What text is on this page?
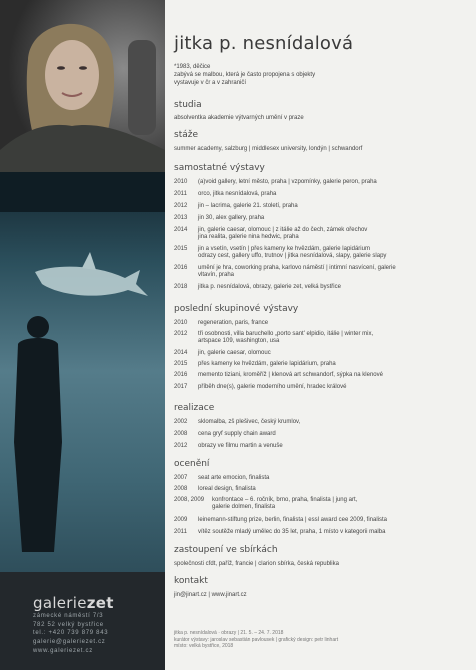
galeriezet
zámecké náměstí 7/3
782 52 velký bystřice
tel.: +420 739 879 843
galerie@galeriezet.cz
www.galeriezet.cz
jitka p. nesnídalová
*1983, děčice
zabývá se malbou, která je často propojena s objekty
vystavuje v čr a v zahraničí
studia
absolventka akademie výtvarných umění v praze
stáže
summer academy, salzburg | middlesex university, londýn | schwandorf
samostatné výstavy
2010	(a)void gallery, letní město, praha | vzpomínky, galerie peron, praha
2011	orco, jitka nesnídalová, praha
2012	jin – lacrima, galerie 21. století, praha
2013	jin 30, alex gallery, praha
2014	jin, galerie caesar, olomouc | z itálie až do čech, zámek ořechov
jina realita, galerie nina hedwic, praha
2015	jin a vsetín, vsetín | přes kameny ke hvězdám, galerie lapidárium
odrazy cest, gallery uffo, trutnov | jitka nesnídalová, slapy, galerie slapy
2016	umění je hra, coworking praha, karlovo náměstí | intimní nasvícení, galerie
vltavín, praha
2018	jitka p. nesnídalová, obrazy, galerie zet, velká bystřice
poslední skupinové výstavy
2010	regeneration, paris, france
2012	tři osobnosti, villa baruchello „porto sant' elpidio, itálie | winter mix,
artspace 109, washington, usa
2014	jin, galerie caesar, olomouc
2015	přes kameny ke hvězdám, galerie lapidárium, praha
2016	memento tiziani, kroměříž | klenová art schwandorf, sýpka na klenové
2017	příběh dne(s), galerie moderního umění, hradec králové
realizace
2002	sklomalba, zš plešivec, český krumlov,
2008	cena gryf supply chain award
2012	obrazy ve filmu martin a venuše
ocenění
2007	seat arte emocion, finalista
2008	loreal design, finalista
2008, 2009	konfrontace – 6. ročník, brno, praha, finalista | jung art,
galerie dolmen, finalista
2009	leinemann-stiftung prize, berlin, finalista | essl award cee 2009, finalista
2011	vítěz soutěže mladý umělec do 35 let, praha, 1 místo v kategorii malba
zastoupení ve sbírkách
společnosti cfdt, paříž, francie | clarion sbírka, česká republika
kontakt
jin@jinart.cz | www.jinart.cz
jitka p. nesnídalová · obrazy | 21. 5. – 24. 7. 2018
kurátor výstavy: jaroslav sebastián pavlousek | grafický design: petr linhart
místo: velká bystřice, 2018
